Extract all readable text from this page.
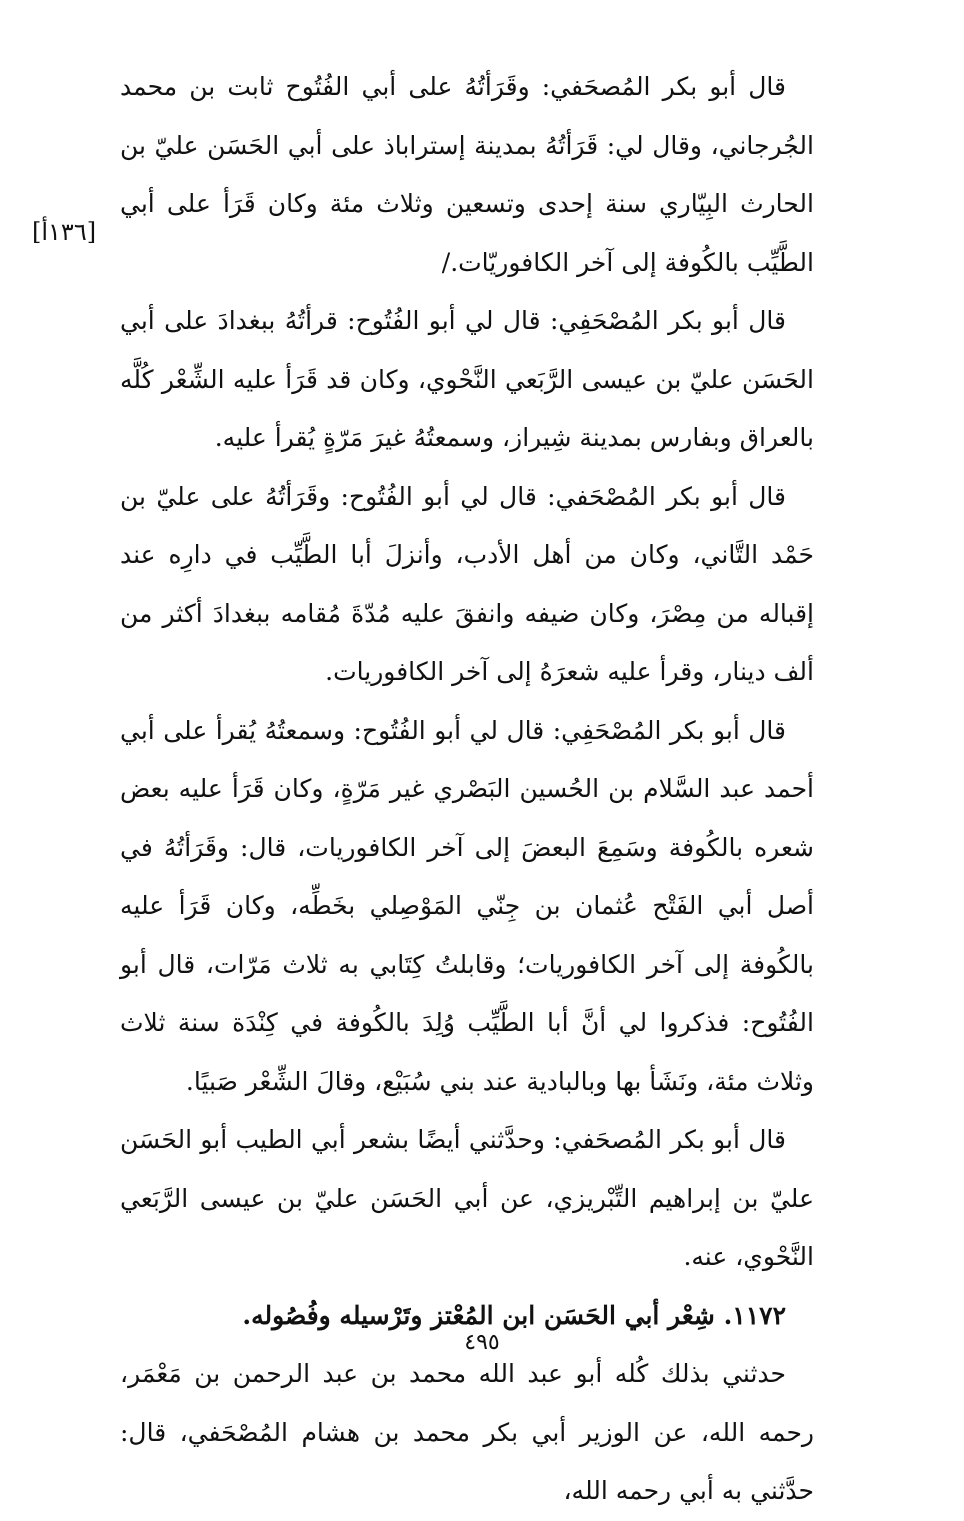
[١٣٦أ]

قال أبو بكر المُصحَفي: وقَرَأتُهُ على أبي الفُتُوح ثابت بن محمد الجُرجاني، وقال لي: قَرَأتُهُ بمدينة إستراباذ على أبي الحَسَن عليّ بن الحارث البِيّاري سنة إحدى وتسعين وثلاث مئة وكان قَرَأ على أبي الطَّيِّب بالكُوفة إلى آخر الكافوريّات./

قال أبو بكر المُصْحَفِي: قال لي أبو الفُتُوح: قرأتُهُ ببغدادَ على أبي الحَسَن عليّ بن عيسى الرَّبَعي النَّحْوي، وكان قد قَرَأ عليه الشِّعْر كُلَّه بالعراق وبفارس بمدينة شِيراز، وسمعتُهُ غيرَ مَرّةٍ يُقرأ عليه.

قال أبو بكر المُصْحَفي: قال لي أبو الفُتُوح: وقَرَأتُهُ على عليّ بن حَمْد التَّاني، وكان من أهل الأدب، وأنزلَ أبا الطَّيِّب في دارِه عند إقباله من مِصْرَ، وكان ضيفه وانفقَ عليه مُدّةَ مُقامه ببغدادَ أكثر من ألف دينار، وقرأ عليه شعرَهُ إلى آخر الكافوريات.

قال أبو بكر المُصْحَفِي: قال لي أبو الفُتُوح: وسمعتُهُ يُقرأ على أبي أحمد عبد السَّلام بن الحُسين البَصْري غير مَرّةٍ، وكان قَرَأ عليه بعض شعره بالكُوفة وسَمِعَ البعضَ إلى آخر الكافوريات، قال: وقَرَأتُهُ في أصل أبي الفَتْح عُثمان بن جِنّي المَوْصِلي بخَطِّه، وكان قَرَأ عليه بالكُوفة إلى آخر الكافوريات؛ وقابلتُ كِتَابي به ثلاث مَرّات، قال أبو الفُتُوح: فذكروا لي أنَّ أبا الطَّيِّب وُلِدَ بالكُوفة في كِنْدَة سنة ثلاث وثلاث مئة، ونَشَأ بها وبالبادية عند بني سُبَيْع، وقالَ الشِّعْر صَبيًا.

قال أبو بكر المُصحَفي: وحدَّثني أيضًا بشعر أبي الطيب أبو الحَسَن عليّ بن إبراهيم التِّبْريزي، عن أبي الحَسَن عليّ بن عيسى الرَّبَعي النَّحْوي، عنه.

١١٧٢. شِعْر أبي الحَسَن ابن المُعْتز وتَرْسيله وفُصُوله.

حدثني بذلك كُله أبو عبد الله محمد بن عبد الرحمن بن مَعْمَر، رحمه الله، عن الوزير أبي بكر محمد بن هشام المُصْحَفي، قال: حدَّثني به أبي رحمه الله،

٤٩٥
